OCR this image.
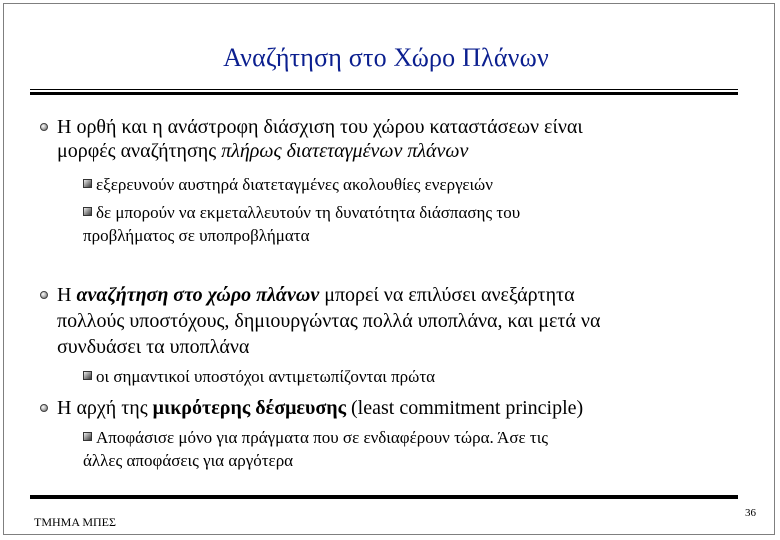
Αναζήτηση στο Χώρο Πλάνων
Η ορθή και η ανάστροφη διάσχιση του χώρου καταστάσεων είναι
μορφές αναζήτησης πλήρως διατεταγμένων πλάνων
εξερευνούν αυστηρά διατεταγμένες ακολουθίες ενεργειών
δε μπορούν να εκμεταλλευτούν τη δυνατότητα διάσπασης του
προβλήματος σε υποπροβλήματα
Η αναζήτηση στο χώρο πλάνων μπορεί να επιλύσει ανεξάρτητα
πολλούς υποστόχους, δημιουργώντας πολλά υποπλάνα, και μετά να
συνδυάσει τα υποπλάνα
οι σημαντικοί υποστόχοι αντιμετωπίζονται πρώτα
Η αρχή της μικρότερης δέσμευσης (least commitment principle)
Αποφάσισε μόνο για πράγματα που σε ενδιαφέρουν τώρα. Άσε τις
άλλες αποφάσεις για αργότερα
ΤΜΗΜΑ ΜΠΕΣ
36
